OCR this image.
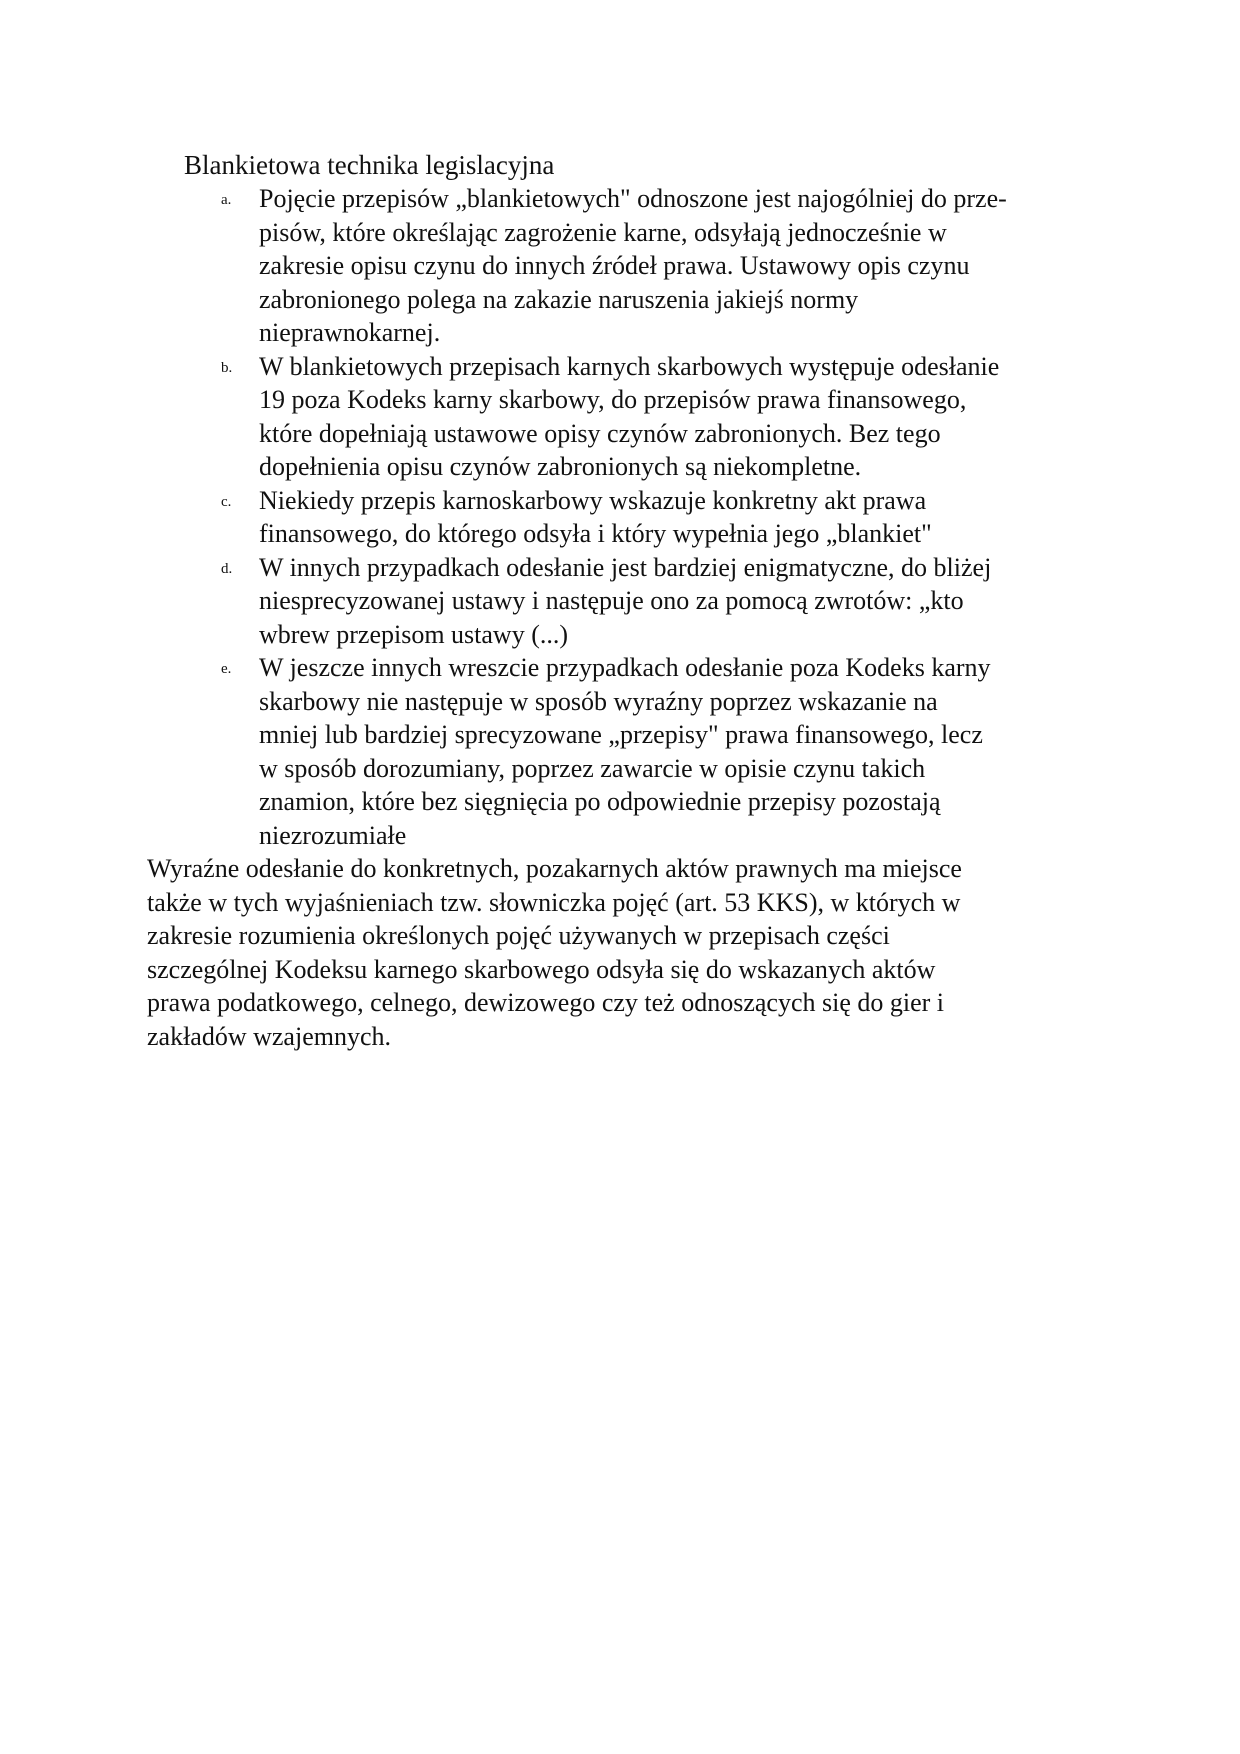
Blankietowa technika legislacyjna
a. Pojęcie przepisów „blankietowych" odnoszone jest najogólniej do prze-
pisów, które określając zagrożenie karne, odsyłają jednocześnie w
zakresie opisu czynu do innych źródeł prawa. Ustawowy opis czynu
zabronionego polega na zakazie naruszenia jakiejś normy
nieprawnokarnej.
b. W blankietowych przepisach karnych skarbowych występuje odesłanie
19 poza Kodeks karny skarbowy, do przepisów prawa finansowego,
które dopełniają ustawowe opisy czynów zabronionych. Bez tego
dopełnienia opisu czynów zabronionych są niekompletne.
c. Niekiedy przepis karnoskarbowy wskazuje konkretny akt prawa
finansowego, do którego odsyła i który wypełnia jego „blankiet"
d. W innych przypadkach odesłanie jest bardziej enigmatyczne, do bliżej
niesprecyzowanej ustawy i następuje ono za pomocą zwrotów: „kto
wbrew przepisom ustawy (...)
e. W jeszcze innych wreszcie przypadkach odesłanie poza Kodeks karny
skarbowy nie następuje w sposób wyraźny poprzez wskazanie na
mniej lub bardziej sprecyzowane „przepisy" prawa finansowego, lecz
w sposób dorozumiany, poprzez zawarcie w opisie czynu takich
znamion, które bez sięgnięcia po odpowiednie przepisy pozostają
niezrozumiałe
Wyraźne odesłanie do konkretnych, pozakarnych aktów prawnych ma miejsce
także w tych wyjaśnieniach tzw. słowniczka pojęć (art. 53 KKS), w których w
zakresie rozumienia określonych pojęć używanych w przepisach części
szczególnej Kodeksu karnego skarbowego odsyła się do wskazanych aktów
prawa podatkowego, celnego, dewizowego czy też odnoszących się do gier i
zakładów wzajemnych.
